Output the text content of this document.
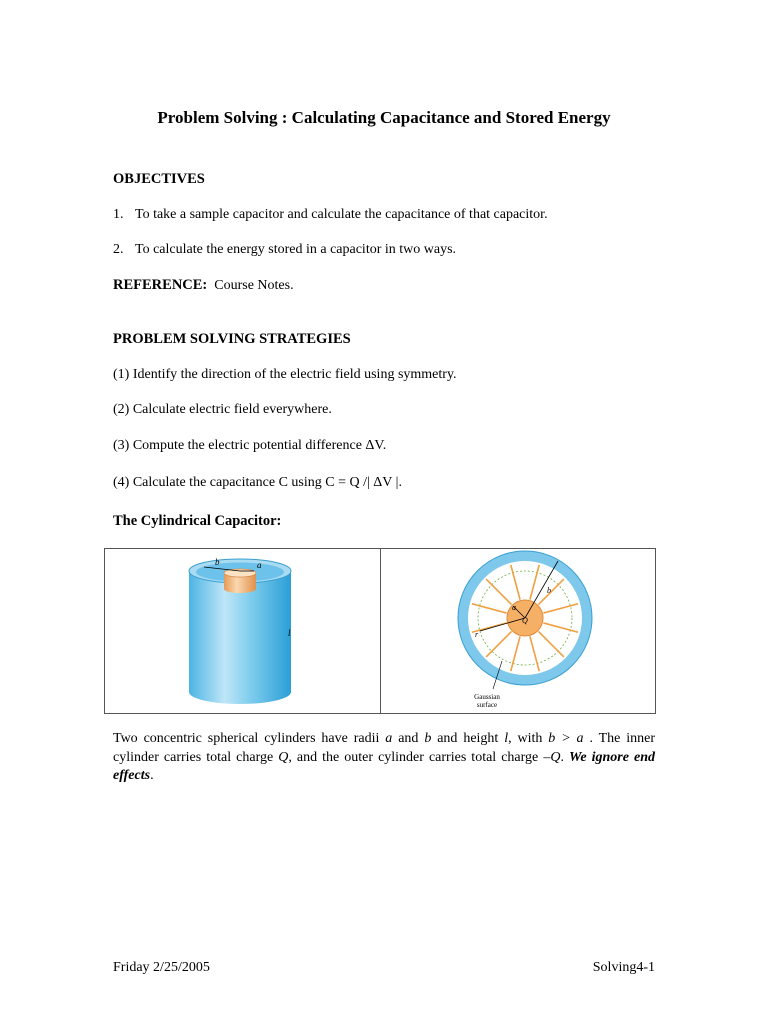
Problem Solving : Calculating Capacitance and Stored Energy
OBJECTIVES
1. To take a sample capacitor and calculate the capacitance of that capacitor.
2. To calculate the energy stored in a capacitor in two ways.
REFERENCE: Course Notes.
PROBLEM SOLVING STRATEGIES
(1) Identify the direction of the electric field using symmetry.
(2) Calculate electric field everywhere.
(3) Compute the electric potential difference ΔV.
(4) Calculate the capacitance C using C = Q /| ΔV |.
The Cylindrical Capacitor:
b	a
l
b
a
Q
r
Gaussian
surface
Two concentric spherical cylinders have radii a and b and height l, with b > a . The inner cylinder carries total charge Q, and the outer cylinder carries total charge –Q. We ignore end effects.
Friday 2/25/2005	Solving4-1
